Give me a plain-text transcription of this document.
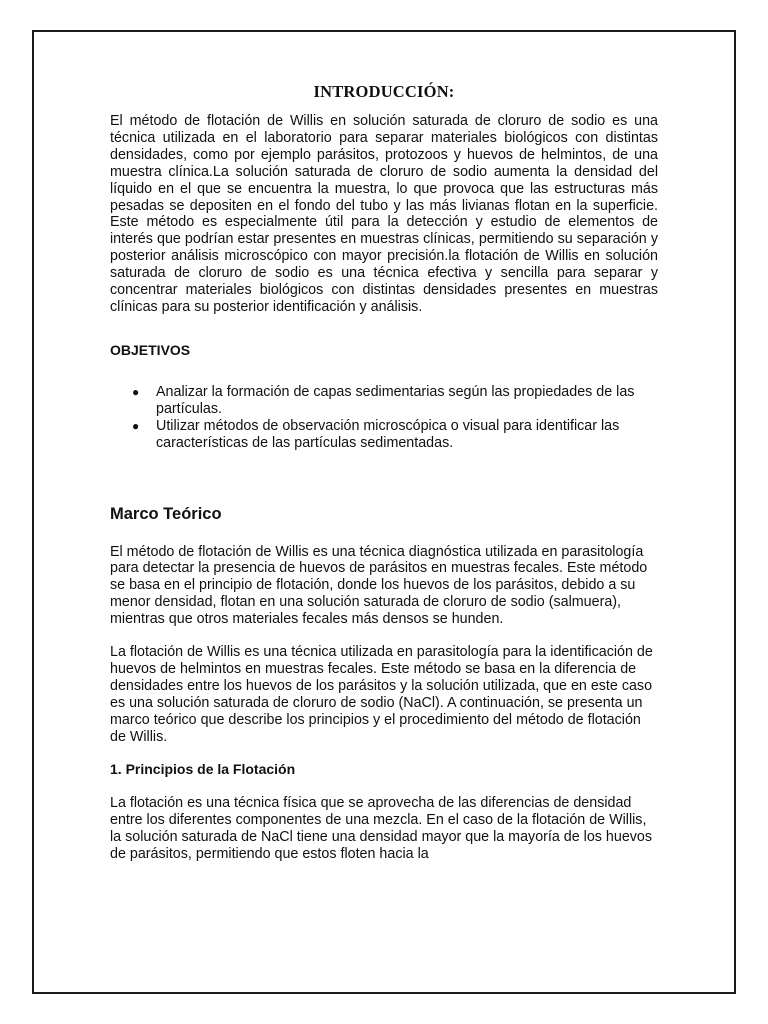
INTRODUCCIÓN:

El método de flotación de Willis en solución saturada de cloruro de sodio es una técnica utilizada en el laboratorio para separar materiales biológicos con distintas densidades, como por ejemplo parásitos, protozoos y huevos de helmintos, de una muestra clínica.La solución saturada de cloruro de sodio aumenta la densidad del líquido en el que se encuentra la muestra, lo que provoca que las estructuras más pesadas se depositen en el fondo del tubo y las más livianas flotan en la superficie. Este método es especialmente útil para la detección y estudio de elementos de interés que podrían estar presentes en muestras clínicas, permitiendo su separación y posterior análisis microscópico con mayor precisión.la flotación de Willis en solución saturada de cloruro de sodio es una técnica efectiva y sencilla para separar y concentrar materiales biológicos con distintas densidades presentes en muestras clínicas para su posterior identificación y análisis.

OBJETIVOS
● Analizar la formación de capas sedimentarias según las propiedades de las partículas.
● Utilizar métodos de observación microscópica o visual para identificar las características de las partículas sedimentadas.
Marco Teórico

El método de flotación de Willis es una técnica diagnóstica utilizada en parasitología para detectar la presencia de huevos de parásitos en muestras fecales. Este método se basa en el principio de flotación, donde los huevos de los parásitos, debido a su menor densidad, flotan en una solución saturada de cloruro de sodio (salmuera), mientras que otros materiales fecales más densos se hunden.

La flotación de Willis es una técnica utilizada en parasitología para la identificación de huevos de helmintos en muestras fecales. Este método se basa en la diferencia de densidades entre los huevos de los parásitos y la solución utilizada, que en este caso es una solución saturada de cloruro de sodio (NaCl). A continuación, se presenta un marco teórico que describe los principios y el procedimiento del método de flotación de Willis.

1. Principios de la Flotación

La flotación es una técnica física que se aprovecha de las diferencias de densidad entre los diferentes componentes de una mezcla. En el caso de la flotación de Willis, la solución saturada de NaCl tiene una densidad mayor que la mayoría de los huevos de parásitos, permitiendo que estos floten hacia la
